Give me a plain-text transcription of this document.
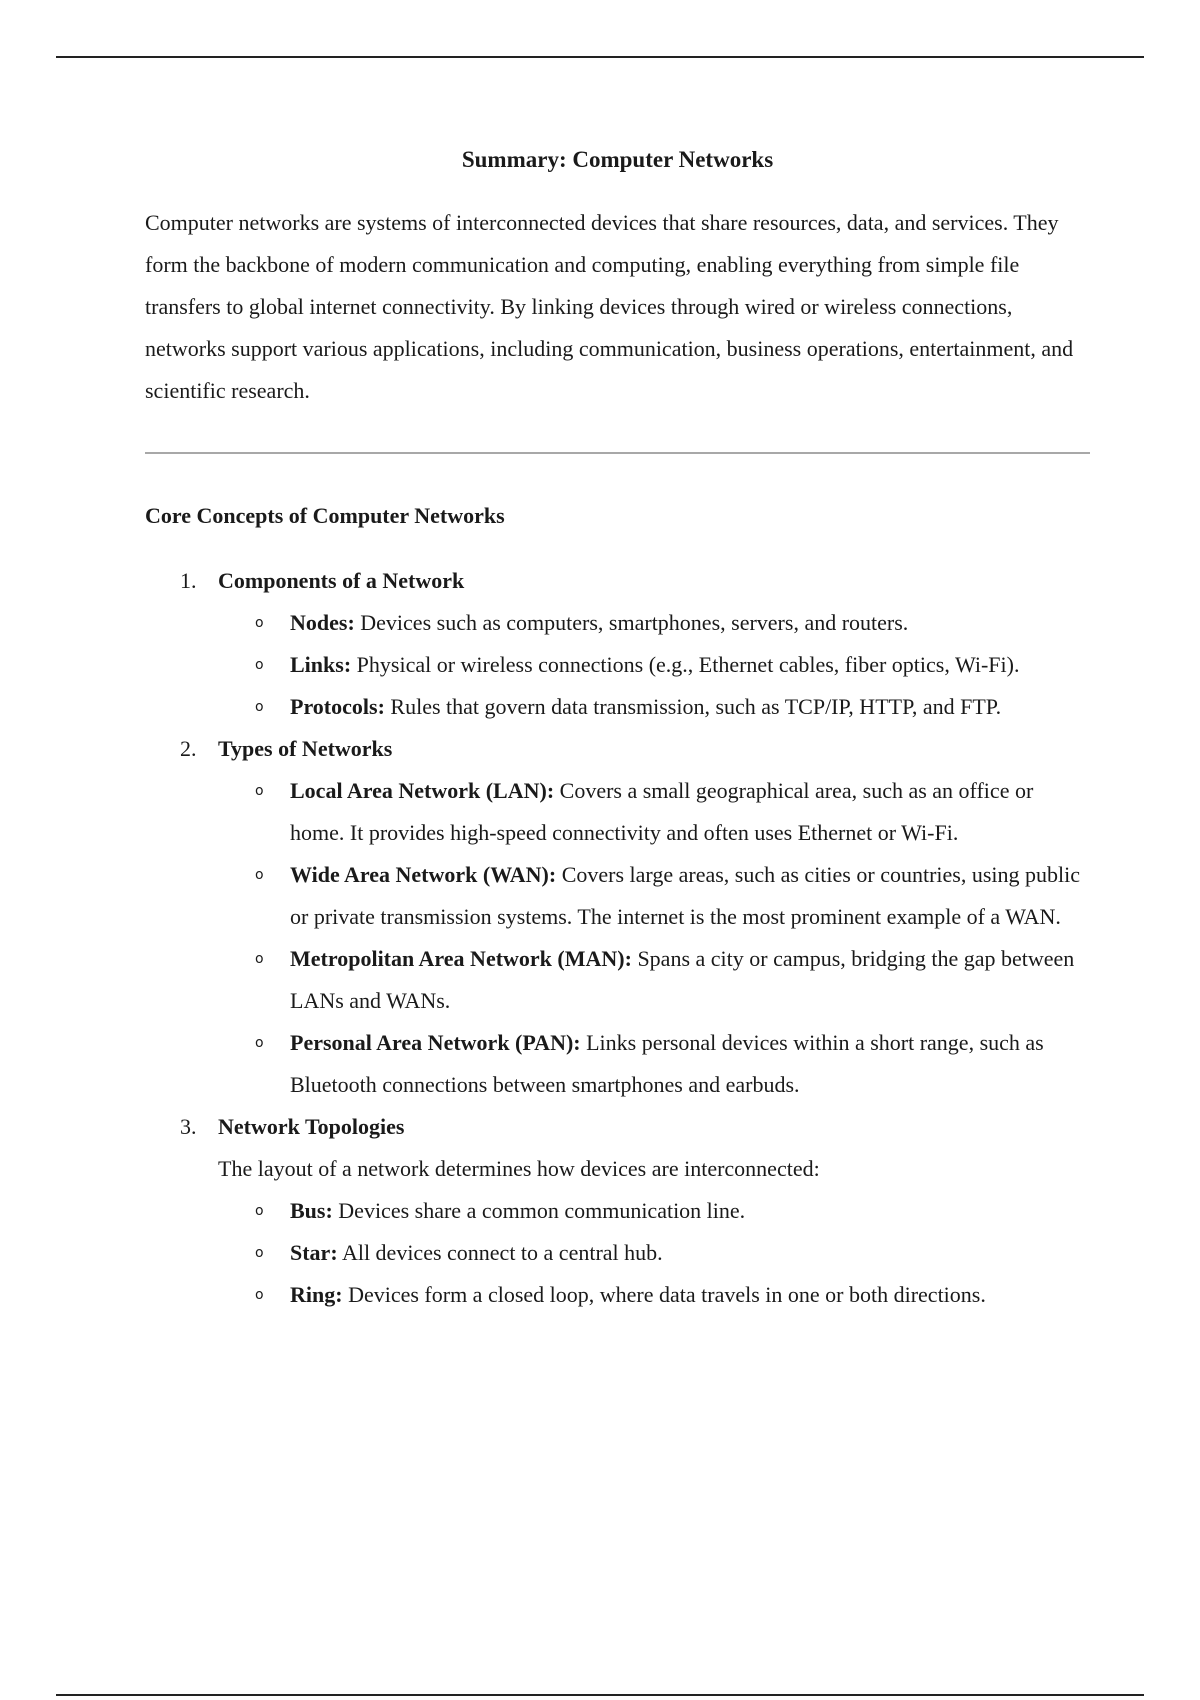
Summary: Computer Networks

Computer networks are systems of interconnected devices that share resources, data, and services. They form the backbone of modern communication and computing, enabling everything from simple file transfers to global internet connectivity. By linking devices through wired or wireless connections, networks support various applications, including communication, business operations, entertainment, and scientific research.

Core Concepts of Computer Networks
1. Components of a Network
o Nodes: Devices such as computers, smartphones, servers, and routers.
o Links: Physical or wireless connections (e.g., Ethernet cables, fiber optics, Wi-Fi).
o Protocols: Rules that govern data transmission, such as TCP/IP, HTTP, and FTP.
2. Types of Networks
o Local Area Network (LAN): Covers a small geographical area, such as an office or home. It provides high-speed connectivity and often uses Ethernet or Wi-Fi.
o Wide Area Network (WAN): Covers large areas, such as cities or countries, using public or private transmission systems. The internet is the most prominent example of a WAN.
o Metropolitan Area Network (MAN): Spans a city or campus, bridging the gap between LANs and WANs.
o Personal Area Network (PAN): Links personal devices within a short range, such as Bluetooth connections between smartphones and earbuds.
3. Network Topologies
The layout of a network determines how devices are interconnected:
o Bus: Devices share a common communication line.
o Star: All devices connect to a central hub.
o Ring: Devices form a closed loop, where data travels in one or both directions.
